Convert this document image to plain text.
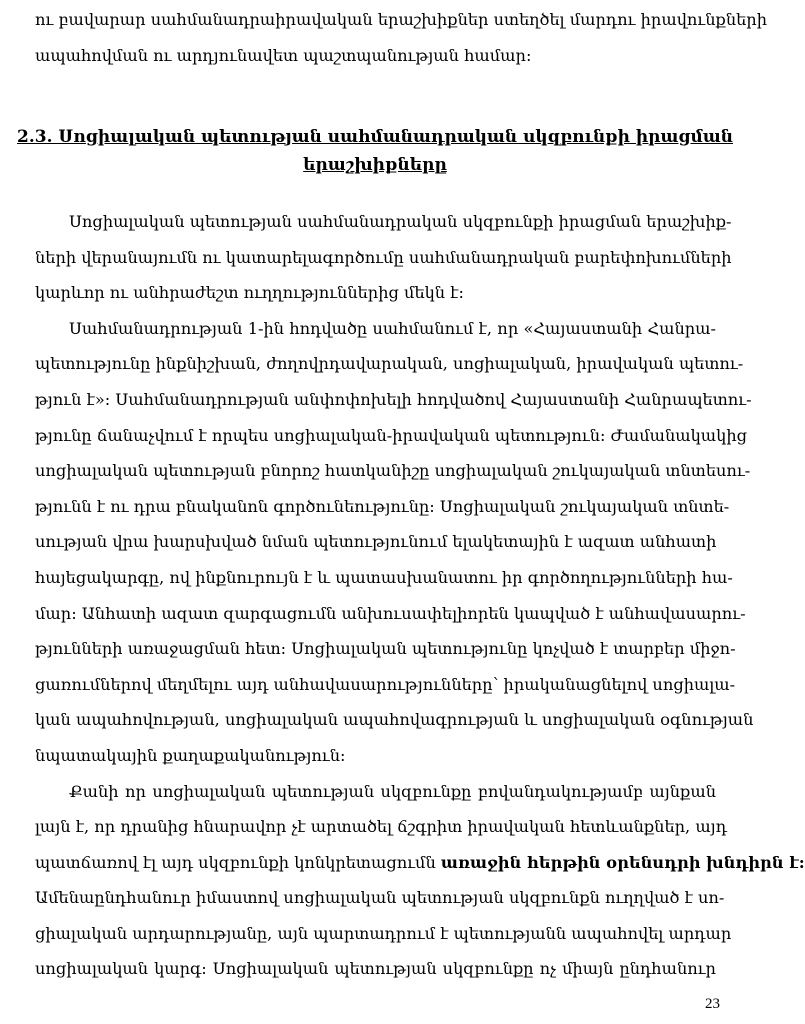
ու բավարար սահմանադրաիրավական երաշխիքներ ստեղծել մարդու իրավունքների
ապահովման ու արդյունավետ պաշտպանության համար:
2.3. Սոցիալական պետության սահմանադրական սկզբունքի իրացման
երաշխիքները
Սոցիալական պետության սահմանադրական սկզբունքի իրացման երաշխիք-
ների վերանայումն ու կատարելագործումը սահմանադրական բարեփոխումների
կարևոր ու անհրաժեշտ ուղղություններից մեկն է:
Սահմանադրության 1-ին հոդվածը սահմանում է, որ «Հայաստանի Հանրա-
պետությունը ինքնիշխան, ժողովրդավարական, սոցիալական, իրավական պետու-
թյուն է»: Սահմանադրության անփոփոխելի հոդվածով Հայաստանի Հանրապետու-
թյունը ճանաչվում է որպես սոցիալական-իրավական պետություն: Ժամանակակից
սոցիալական պետության բնորոշ հատկանիշը սոցիալական շուկայական տնտեսու-
թյունն է ու դրա բնականոն գործունեությունը: Սոցիալական շուկայական տնտե-
սության վրա խարսխված նման պետությունում ելակետային է ազատ անհատի
հայեցակարգը, ով ինքնուրույն է և պատասխանատու իր գործողությունների հա-
մար: Անհատի ազատ զարգացումն անխուսափելիորեն կապված է անհավասարու-
թյունների առաջացման հետ: Սոցիալական պետությունը կոչված է տարբեր միջո-
ցառումներով մեղմելու այդ անհավասարությունները՝ իրականացնելով սոցիալա-
կան ապահովության, սոցիալական ապահովագրության և սոցիալական օգնության
նպատակային քաղաքականություն:
Քանի որ սոցիալական պետության սկզբունքը բովանդակությամբ այնքան
լայն է, որ դրանից հնարավոր չէ արտածել ճշգրիտ իրավական հետևանքներ, այդ
պատճառով էլ այդ սկզբունքի կոնկրետացումն առաջին հերթին օրենսդրի խնդիրն է:
Ամենաընդհանուր իմաստով սոցիալական պետության սկզբունքն ուղղված է սո-
ցիալական արդարությանը, այն պարտադրում է պետությանն ապահովել արդար
սոցիալական կարգ: Սոցիալական պետության սկզբունքը ոչ միայն ընդհանուր
23
